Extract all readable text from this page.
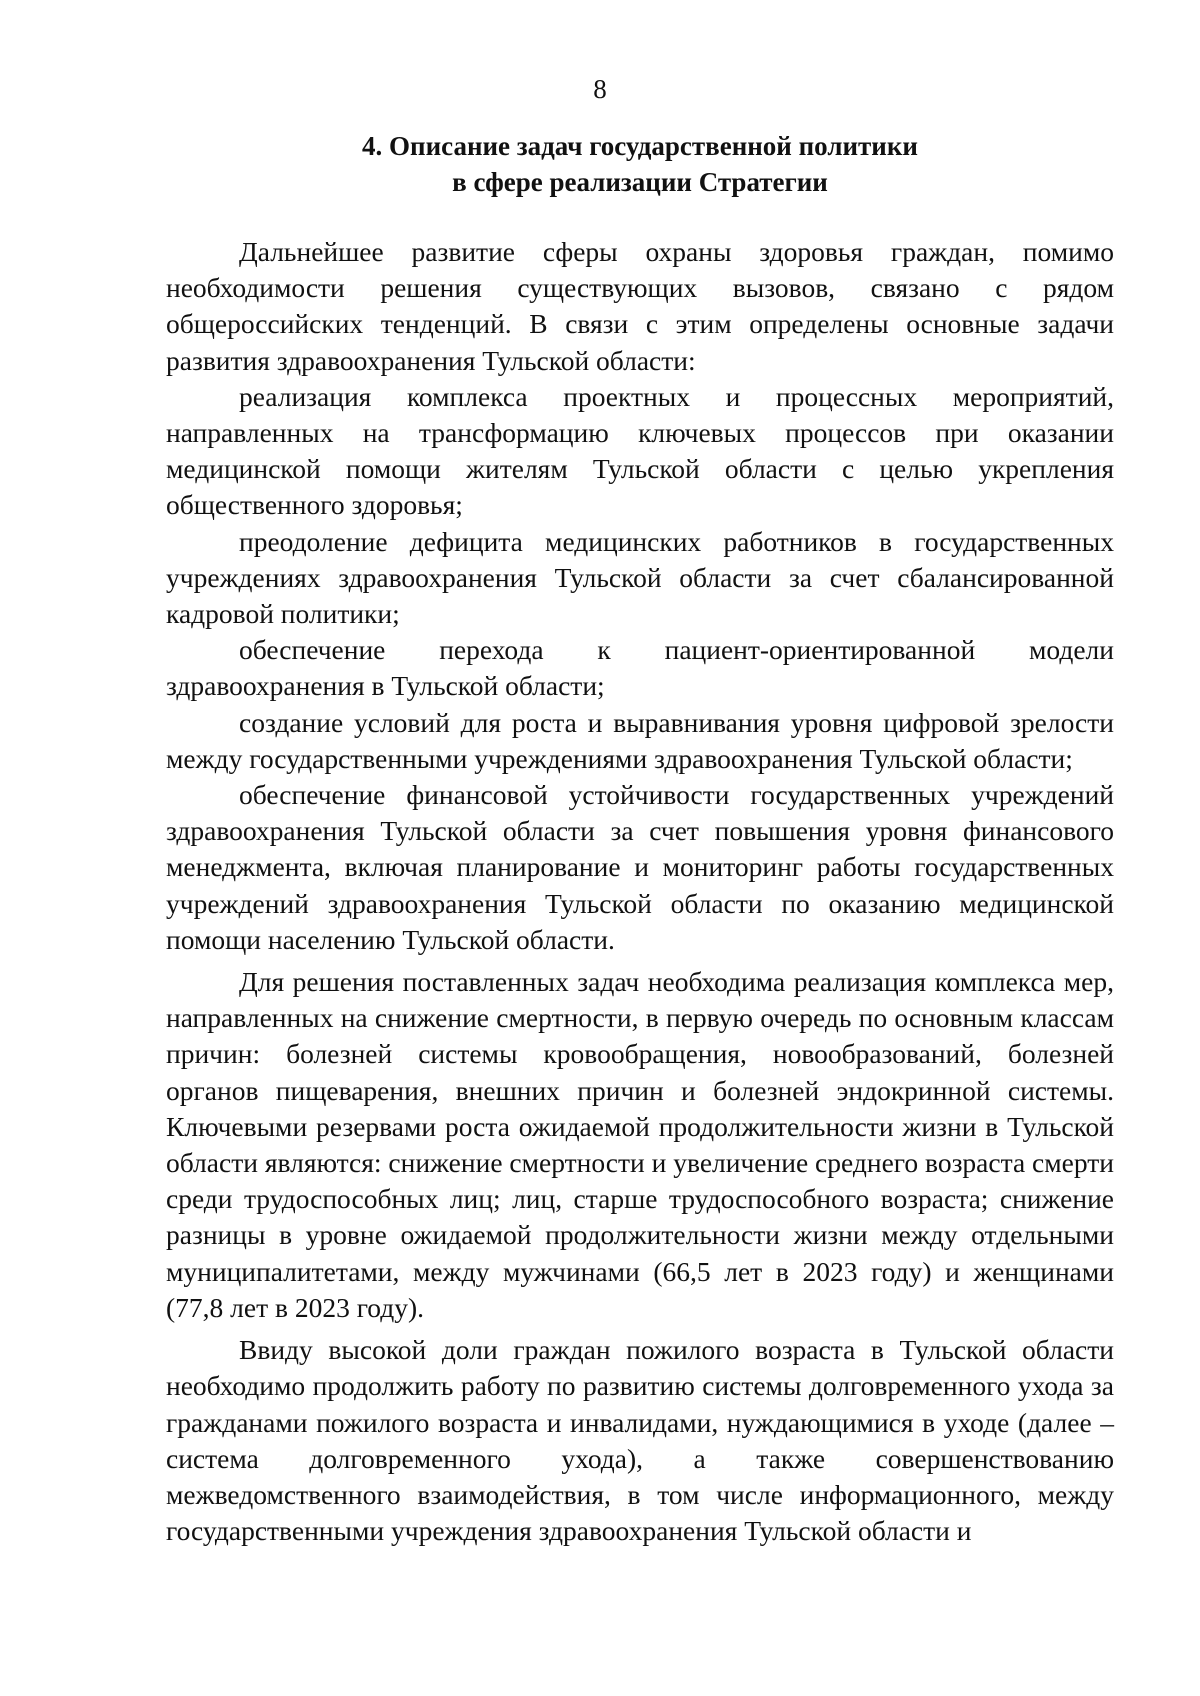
8
4. Описание задач государственной политики
в сфере реализации Стратегии

Дальнейшее развитие сферы охраны здоровья граждан, помимо необходимости решения существующих вызовов, связано с рядом общероссийских тенденций. В связи с этим определены основные задачи развития здравоохранения Тульской области:

реализация комплекса проектных и процессных мероприятий, направленных на трансформацию ключевых процессов при оказании медицинской помощи жителям Тульской области с целью укрепления общественного здоровья;

преодоление дефицита медицинских работников в государственных учреждениях здравоохранения Тульской области за счет сбалансированной кадровой политики;

обеспечение перехода к пациент-ориентированной модели здравоохранения в Тульской области;

создание условий для роста и выравнивания уровня цифровой зрелости между государственными учреждениями здравоохранения Тульской области;

обеспечение финансовой устойчивости государственных учреждений здравоохранения Тульской области за счет повышения уровня финансового менеджмента, включая планирование и мониторинг работы государственных учреждений здравоохранения Тульской области по оказанию медицинской помощи населению Тульской области.

Для решения поставленных задач необходима реализация комплекса мер, направленных на снижение смертности, в первую очередь по основным классам причин: болезней системы кровообращения, новообразований, болезней органов пищеварения, внешних причин и болезней эндокринной системы. Ключевыми резервами роста ожидаемой продолжительности жизни в Тульской области являются: снижение смертности и увеличение среднего возраста смерти среди трудоспособных лиц; лиц, старше трудоспособного возраста; снижение разницы в уровне ожидаемой продолжительности жизни между отдельными муниципалитетами, между мужчинами (66,5 лет в 2023 году) и женщинами (77,8 лет в 2023 году).

Ввиду высокой доли граждан пожилого возраста в Тульской области необходимо продолжить работу по развитию системы долговременного ухода за гражданами пожилого возраста и инвалидами, нуждающимися в уходе (далее – система долговременного ухода), а также совершенствованию межведомственного взаимодействия, в том числе информационного, между государственными учреждения здравоохранения Тульской области и
